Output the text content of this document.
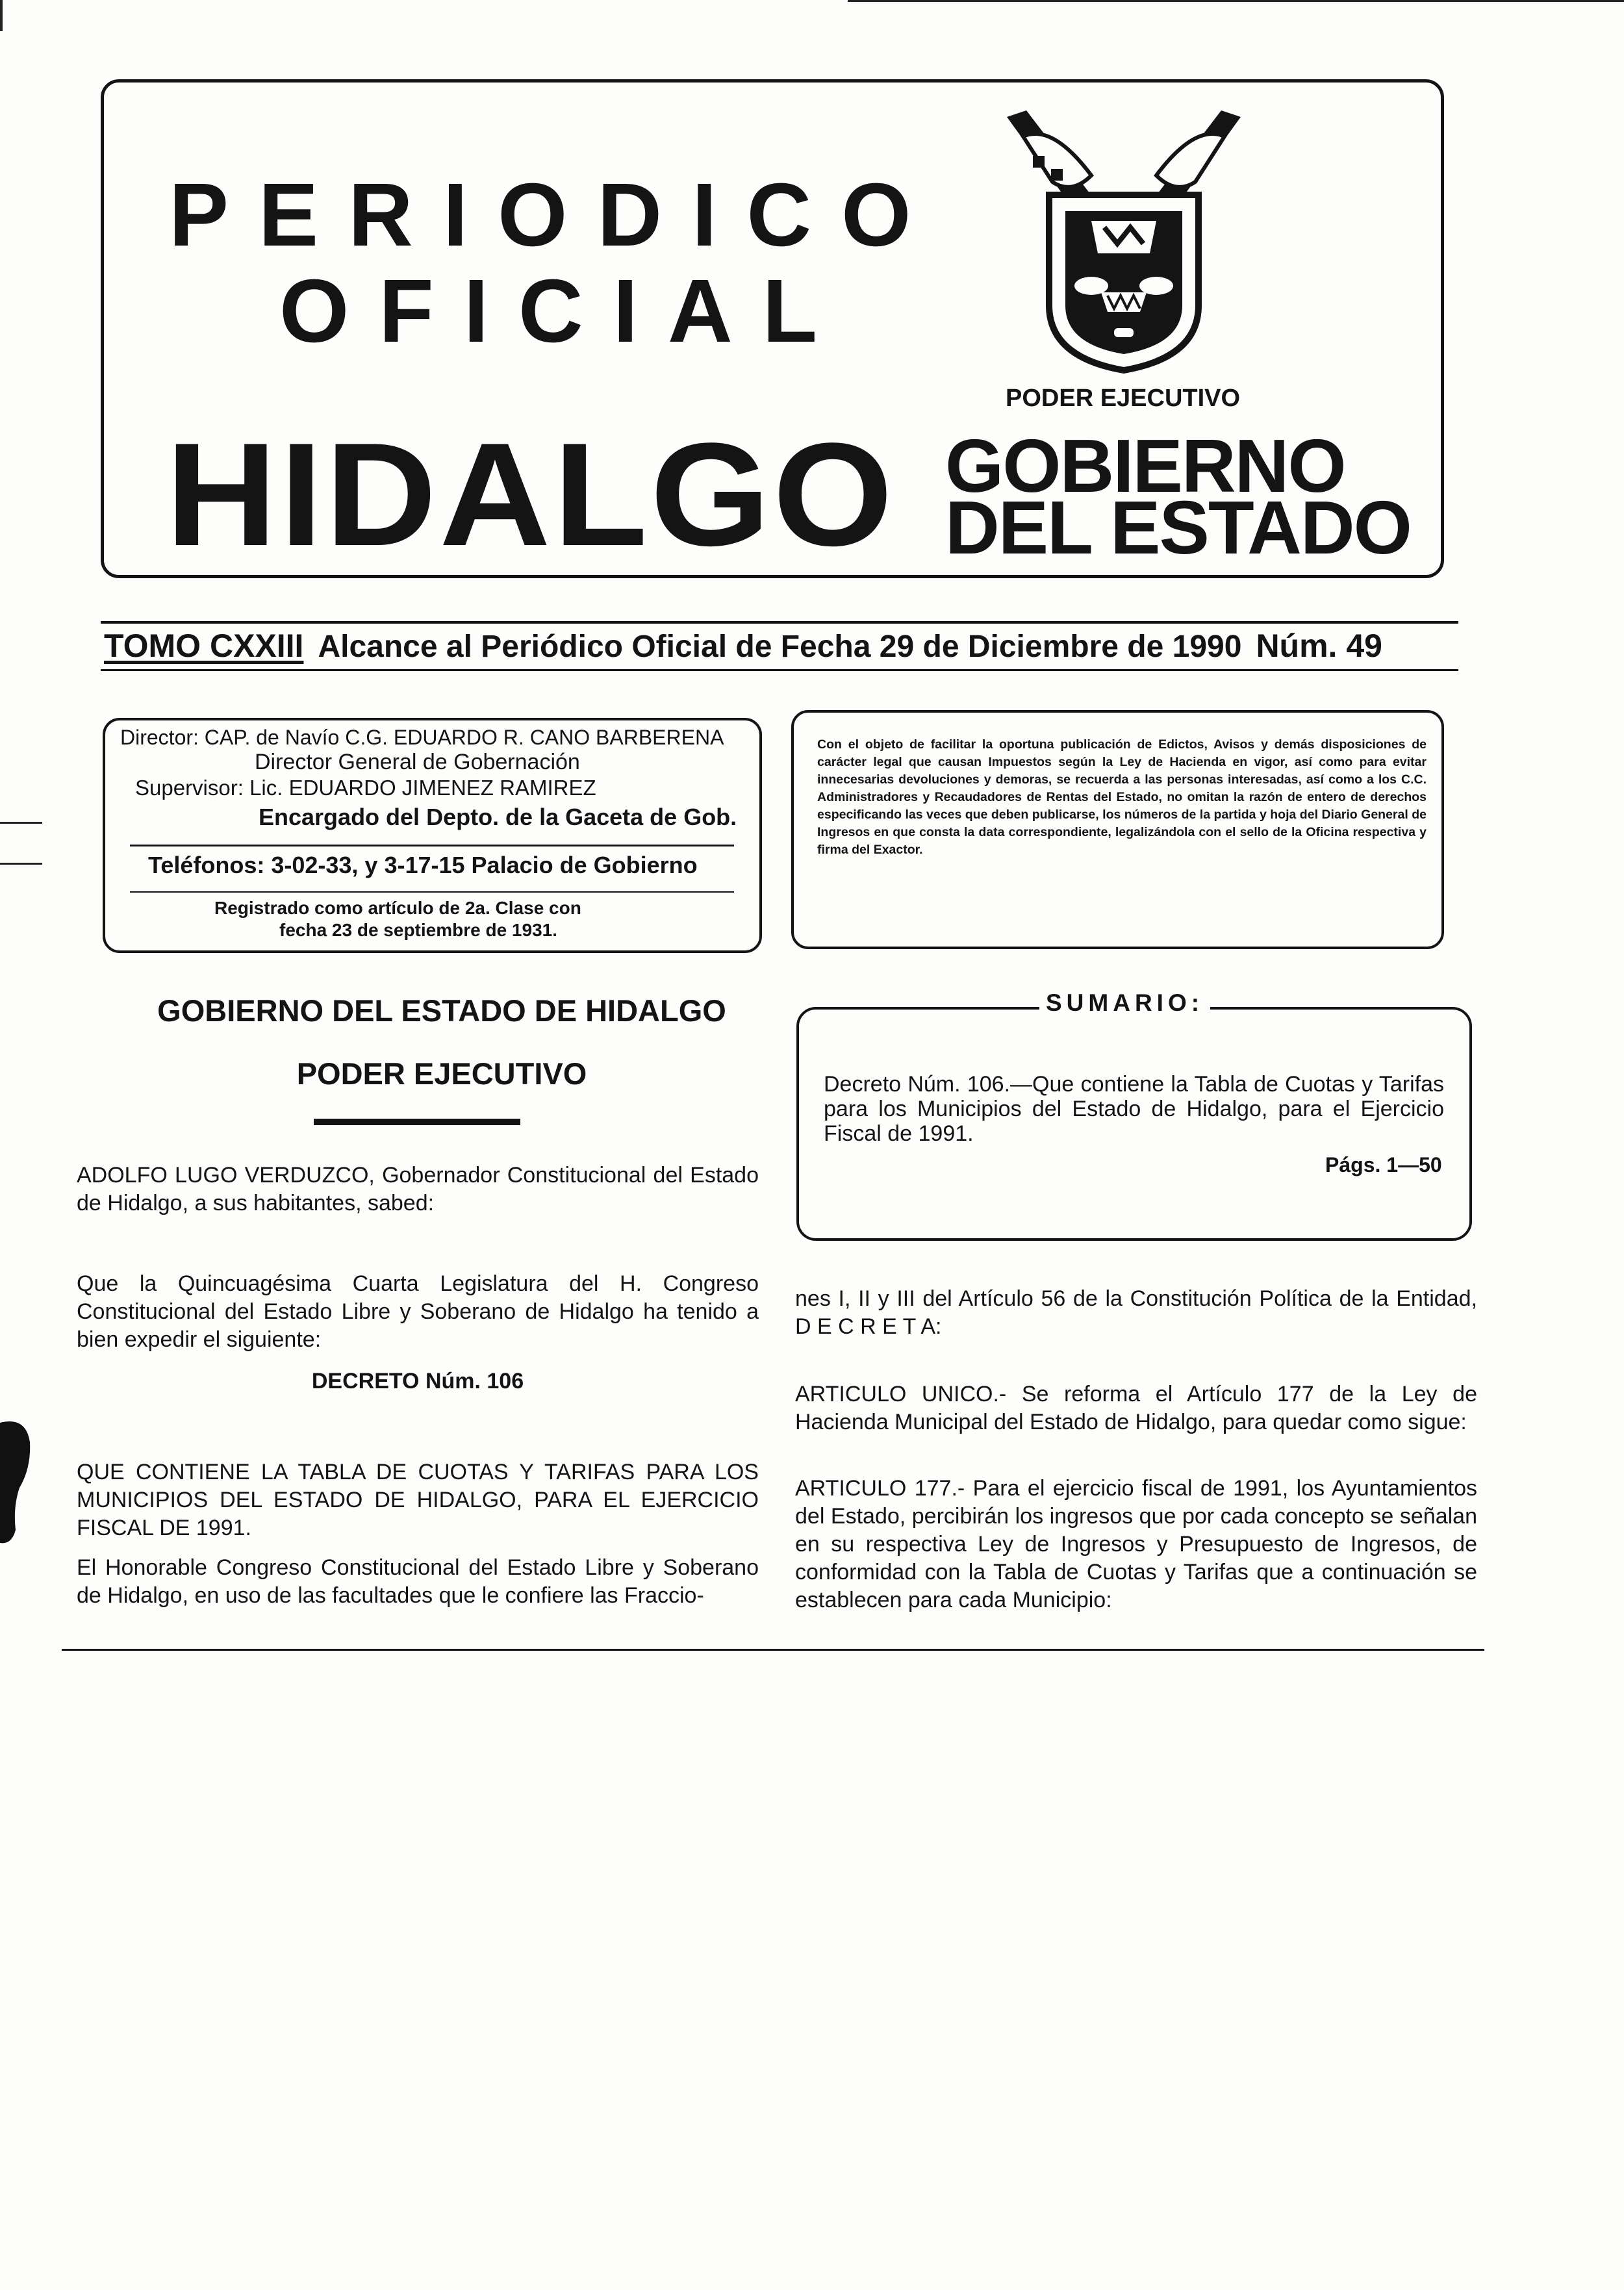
PERIODICO
OFICIAL
HIDALGO
PODER EJECUTIVO
GOBIERNO
DEL ESTADO
TOMO CXXIII Alcance al Periódico Oficial de Fecha 29 de Diciembre de 1990 Núm. 49
Director: CAP. de Navío C.G. EDUARDO R. CANO BARBERENA
Director General de Gobernación
Supervisor: Lic. EDUARDO JIMENEZ RAMIREZ
Encargado del Depto. de la Gaceta de Gob.
Teléfonos: 3-02-33, y 3-17-15 Palacio de Gobierno
Registrado como artículo de 2a. Clase con
fecha 23 de septiembre de 1931.
Con el objeto de facilitar la oportuna publicación de Edictos, Avisos y demás disposiciones de carácter legal que causan Impuestos según la Ley de Hacienda en vigor, así como para evitar innecesarias devoluciones y demoras, se recuerda a las personas interesadas, así como a los C.C. Administradores y Recaudadores de Rentas del Estado, no omitan la razón de entero de derechos especificando las veces que deben publicarse, los números de la partida y hoja del Diario General de Ingresos en que consta la data correspondiente, legalizándola con el sello de la Oficina respectiva y firma del Exactor.
GOBIERNO DEL ESTADO DE HIDALGO
PODER EJECUTIVO
ADOLFO LUGO VERDUZCO, Gobernador Constitucional del Estado de Hidalgo, a sus habitantes, sabed:
Que la Quincuagésima Cuarta Legislatura del H. Congreso Constitucional del Estado Libre y Soberano de Hidalgo ha tenido a bien expedir el siguiente:
DECRETO Núm. 106
QUE CONTIENE LA TABLA DE CUOTAS Y TARIFAS PARA LOS MUNICIPIOS DEL ESTADO DE HIDALGO, PARA EL EJERCICIO FISCAL DE 1991.
El Honorable Congreso Constitucional del Estado Libre y Soberano de Hidalgo, en uso de las facultades que le confiere las Fraccio-
SUMARIO:
Decreto Núm. 106.—Que contiene la Tabla de Cuotas y Tarifas para los Municipios del Estado de Hidalgo, para el Ejercicio Fiscal de 1991.
Págs. 1—50
nes I, II y III del Artículo 56 de la Constitución Política de la Entidad, D E C R E T A:
ARTICULO UNICO.- Se reforma el Artículo 177 de la Ley de Hacienda Municipal del Estado de Hidalgo, para quedar como sigue:
ARTICULO 177.- Para el ejercicio fiscal de 1991, los Ayuntamientos del Estado, percibirán los ingresos que por cada concepto se señalan en su respectiva Ley de Ingresos y Presupuesto de Ingresos, de conformidad con la Tabla de Cuotas y Tarifas que a continuación se establecen para cada Municipio:
